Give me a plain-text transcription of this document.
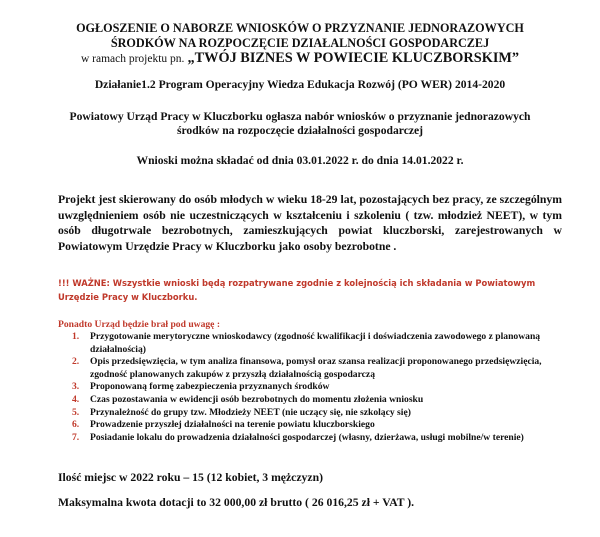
OGŁOSZENIE O NABORZE WNIOSKÓW O PRZYZNANIE JEDNORAZOWYCH
ŚRODKÓW NA ROZPOCZĘCIE DZIAŁALNOŚCI GOSPODARCZEJ
w ramach projektu pn. „TWÓJ BIZNES W POWIECIE KLUCZBORSKIM”
Działanie1.2 Program Operacyjny Wiedza Edukacja Rozwój (PO WER) 2014-2020
Powiatowy Urząd Pracy w Kluczborku ogłasza nabór wniosków o przyznanie jednorazowych
środków na rozpoczęcie działalności gospodarczej
Wnioski można składać od dnia 03.01.2022 r. do dnia 14.01.2022 r.
Projekt jest skierowany do osób młodych w wieku 18-29 lat, pozostających bez pracy, ze szczególnym uwzględnieniem osób nie uczestniczących w kształceniu i szkoleniu ( tzw. młodzież NEET), w tym osób długotrwale bezrobotnych, zamieszkujących powiat kluczborski, zarejestrowanych w Powiatowym Urzędzie Pracy w Kluczborku jako osoby bezrobotne .
!!! WAŻNE: Wszystkie wnioski będą rozpatrywane zgodnie z kolejnością ich składania w Powiatowym Urzędzie Pracy w Kluczborku.
Ponadto Urząd będzie brał pod uwagę :
1. Przygotowanie merytoryczne wnioskodawcy (zgodność kwalifikacji i doświadczenia zawodowego z planowaną działalnością)
2. Opis przedsięwzięcia, w tym analiza finansowa, pomysł oraz szansa realizacji proponowanego przedsięwzięcia, zgodność planowanych zakupów z przyszłą działalnością gospodarczą
3. Proponowaną formę zabezpieczenia przyznanych środków
4. Czas pozostawania w ewidencji osób bezrobotnych do momentu złożenia wniosku
5. Przynależność do grupy tzw. Młodzieży NEET (nie uczący się, nie szkolący się)
6. Prowadzenie przyszłej działalności na terenie powiatu kluczborskiego
7. Posiadanie lokalu do prowadzenia działalności gospodarczej (własny, dzierżawa, usługi mobilne/w terenie)
Ilość miejsc w 2022 roku – 15 (12 kobiet, 3 mężczyzn)
Maksymalna kwota dotacji to 32 000,00 zł brutto ( 26 016,25 zł + VAT ).
